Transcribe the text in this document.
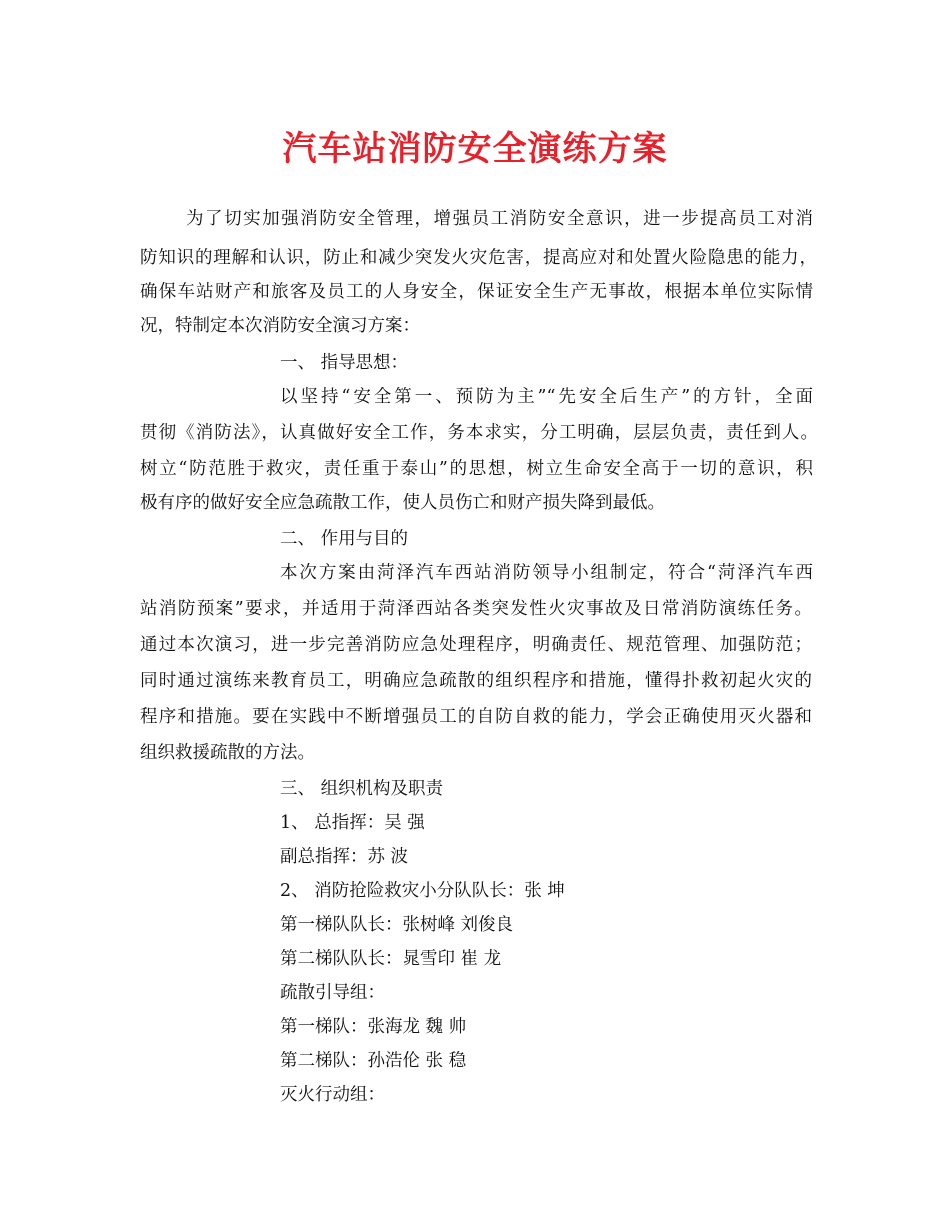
汽车站消防安全演练方案
为了切实加强消防安全管理，增强员工消防安全意识，进一步提高员工对消
防知识的理解和认识，防止和减少突发火灾危害，提高应对和处置火险隐患的能力，
确保车站财产和旅客及员工的人身安全，保证安全生产无事故，根据本单位实际情
况，特制定本次消防安全演习方案：
一、 指导思想：
以坚持“安全第一、预防为主”“先安全后生产”的方针，全面
贯彻《消防法》，认真做好安全工作，务本求实，分工明确，层层负责，责任到人。
树立“防范胜于救灾，责任重于泰山”的思想，树立生命安全高于一切的意识，积
极有序的做好安全应急疏散工作，使人员伤亡和财产损失降到最低。
二、 作用与目的
本次方案由菏泽汽车西站消防领导小组制定，符合“菏泽汽车西
站消防预案”要求，并适用于菏泽西站各类突发性火灾事故及日常消防演练任务。
通过本次演习，进一步完善消防应急处理程序，明确责任、规范管理、加强防范；
同时通过演练来教育员工，明确应急疏散的组织程序和措施，懂得扑救初起火灾的
程序和措施。要在实践中不断增强员工的自防自救的能力，学会正确使用灭火器和
组织救援疏散的方法。
三、 组织机构及职责
1、 总指挥：吴 强
副总指挥：苏 波
2、 消防抢险救灾小分队队长：张 坤
第一梯队队长：张树峰 刘俊良
第二梯队队长：晁雪印 崔 龙
疏散引导组：
第一梯队：张海龙 魏 帅
第二梯队：孙浩伦 张 稳
灭火行动组：
